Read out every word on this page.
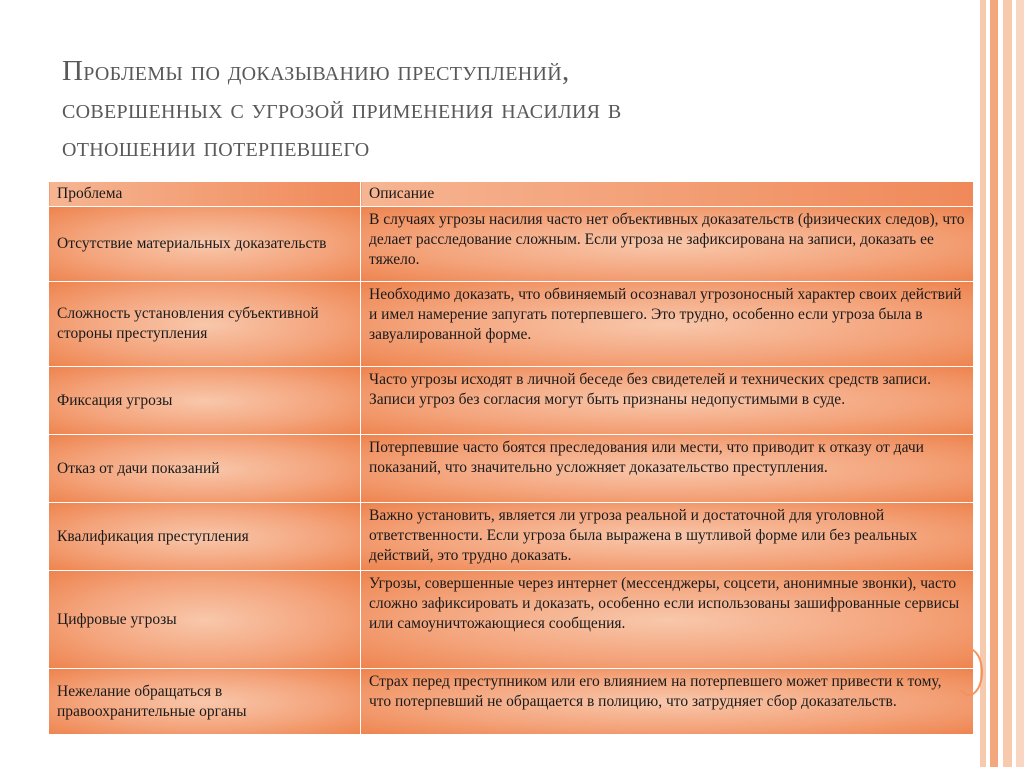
Проблемы по доказыванию преступлений,
совершенных с угрозой применения насилия в
отношении потерпевшего
Проблема	Описание
Отсутствие материальных доказательств	В случаях угрозы насилия часто нет объективных доказательств (физических следов), что делает расследование сложным. Если угроза не зафиксирована на записи, доказать ее тяжело.
Сложность установления субъективной стороны преступления	Необходимо доказать, что обвиняемый осознавал угрозоносный характер своих действий и имел намерение запугать потерпевшего. Это трудно, особенно если угроза была в завуалированной форме.
Фиксация угрозы	Часто угрозы исходят в личной беседе без свидетелей и технических средств записи. Записи угроз без согласия могут быть признаны недопустимыми в суде.
Отказ от дачи показаний	Потерпевшие часто боятся преследования или мести, что приводит к отказу от дачи показаний, что значительно усложняет доказательство преступления.
Квалификация преступления	Важно установить, является ли угроза реальной и достаточной для уголовной ответственности. Если угроза была выражена в шутливой форме или без реальных действий, это трудно доказать.
Цифровые угрозы	Угрозы, совершенные через интернет (мессенджеры, соцсети, анонимные звонки), часто сложно зафиксировать и доказать, особенно если использованы зашифрованные сервисы или самоуничтожающиеся сообщения.
Нежелание обращаться в правоохранительные органы	Страх перед преступником или его влиянием на потерпевшего может привести к тому, что потерпевший не обращается в полицию, что затрудняет сбор доказательств.
